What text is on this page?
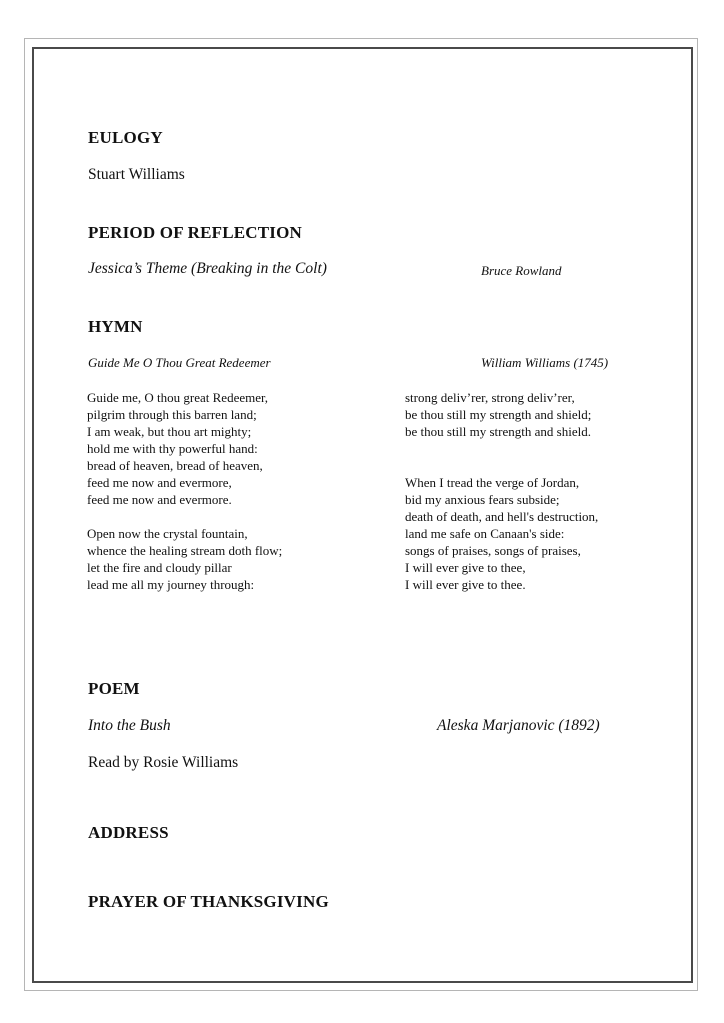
EULOGY
Stuart Williams
PERIOD OF REFLECTION
Jessica’s Theme (Breaking in the Colt)	Bruce Rowland
HYMN
Guide Me O Thou Great Redeemer	William Williams (1745)
Guide me, O thou great Redeemer,
pilgrim through this barren land;
I am weak, but thou art mighty;
hold me with thy powerful hand:
bread of heaven, bread of heaven,
feed me now and evermore,
feed me now and evermore.
Open now the crystal fountain,
whence the healing stream doth flow;
let the fire and cloudy pillar
lead me all my journey through:
strong deliv’rer, strong deliv’rer,
be thou still my strength and shield;
be thou still my strength and shield.
When I tread the verge of Jordan,
bid my anxious fears subside;
death of death, and hell's destruction,
land me safe on Canaan's side:
songs of praises, songs of praises,
I will ever give to thee,
I will ever give to thee.
POEM
Into the Bush	Aleska Marjanovic (1892)
Read by Rosie Williams
ADDRESS
PRAYER OF THANKSGIVING
